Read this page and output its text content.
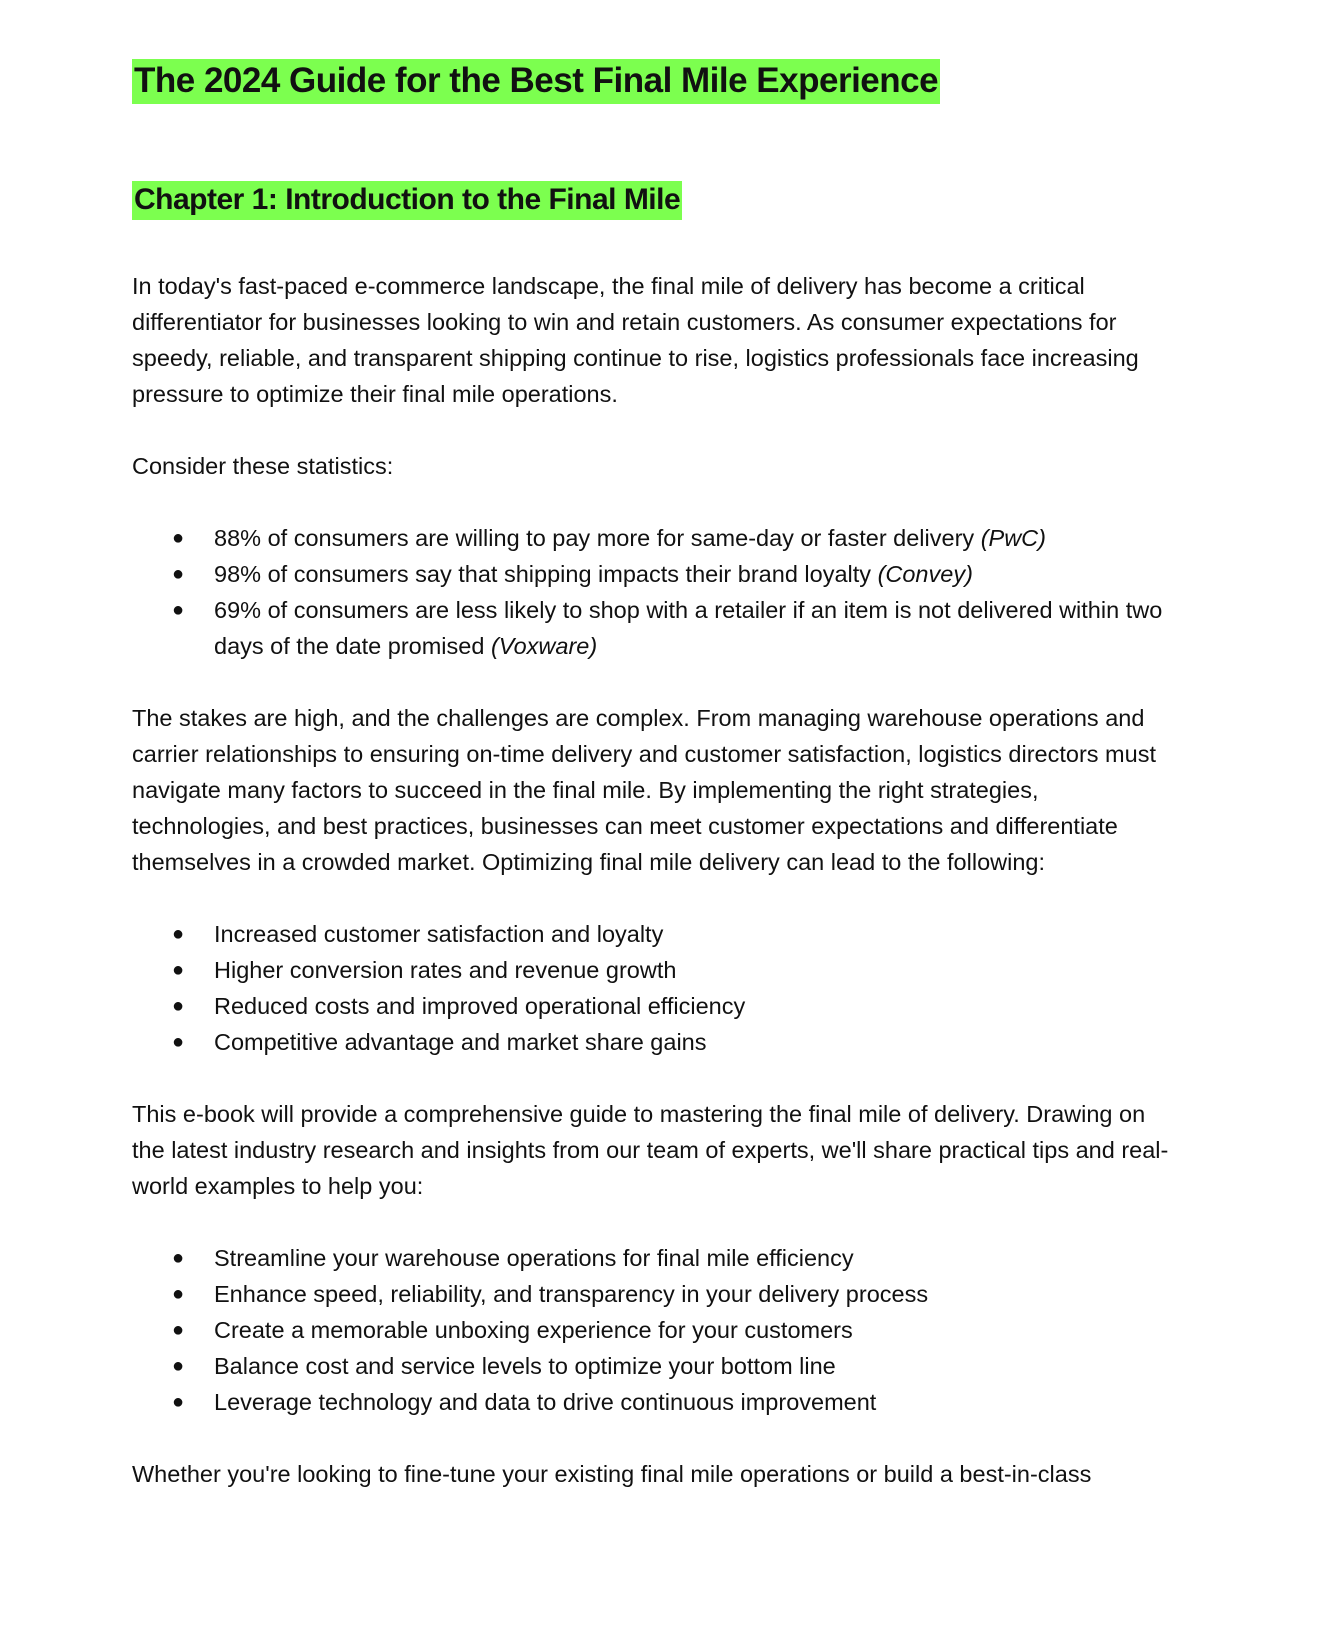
The 2024 Guide for the Best Final Mile Experience
Chapter 1: Introduction to the Final Mile

In today's fast-paced e-commerce landscape, the final mile of delivery has become a critical differentiator for businesses looking to win and retain customers. As consumer expectations for speedy, reliable, and transparent shipping continue to rise, logistics professionals face increasing pressure to optimize their final mile operations.

Consider these statistics:

● 88% of consumers are willing to pay more for same-day or faster delivery (PwC)
● 98% of consumers say that shipping impacts their brand loyalty (Convey)
● 69% of consumers are less likely to shop with a retailer if an item is not delivered within two days of the date promised (Voxware)

The stakes are high, and the challenges are complex. From managing warehouse operations and carrier relationships to ensuring on-time delivery and customer satisfaction, logistics directors must navigate many factors to succeed in the final mile. By implementing the right strategies, technologies, and best practices, businesses can meet customer expectations and differentiate themselves in a crowded market. Optimizing final mile delivery can lead to the following:

● Increased customer satisfaction and loyalty
● Higher conversion rates and revenue growth
● Reduced costs and improved operational efficiency
● Competitive advantage and market share gains

This e-book will provide a comprehensive guide to mastering the final mile of delivery. Drawing on the latest industry research and insights from our team of experts, we'll share practical tips and real-world examples to help you:

● Streamline your warehouse operations for final mile efficiency
● Enhance speed, reliability, and transparency in your delivery process
● Create a memorable unboxing experience for your customers
● Balance cost and service levels to optimize your bottom line
● Leverage technology and data to drive continuous improvement

Whether you're looking to fine-tune your existing final mile operations or build a best-in-class
